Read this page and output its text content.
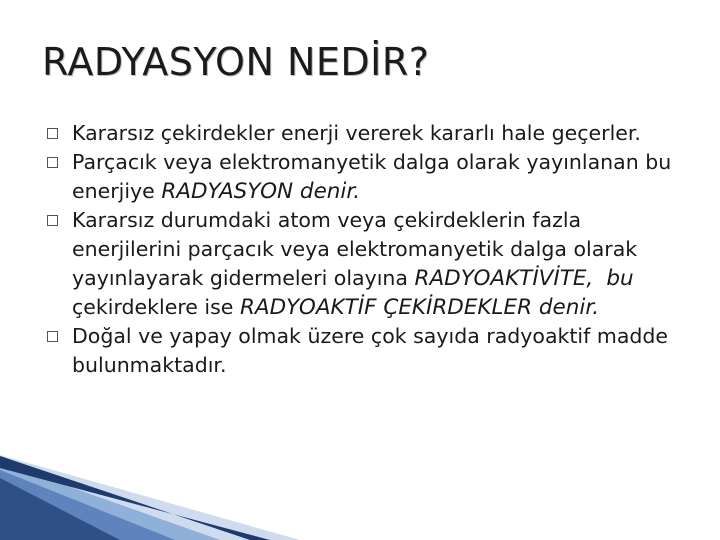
RADYASYON NEDİR?
Kararsız çekirdekler enerji vererek kararlı hale geçerler.
Parçacık veya elektromanyetik dalga olarak yayınlanan bu enerjiye RADYASYON denir.
Kararsız durumdaki atom veya çekirdeklerin fazla enerjilerini parçacık veya elektromanyetik dalga olarak yayınlayarak gidermeleri olayına RADYOAKTİVİTE, bu çekirdeklere ise RADYOAKTİF ÇEKİRDEKLER denir.
Doğal ve yapay olmak üzere çok sayıda radyoaktif madde bulunmaktadır.
